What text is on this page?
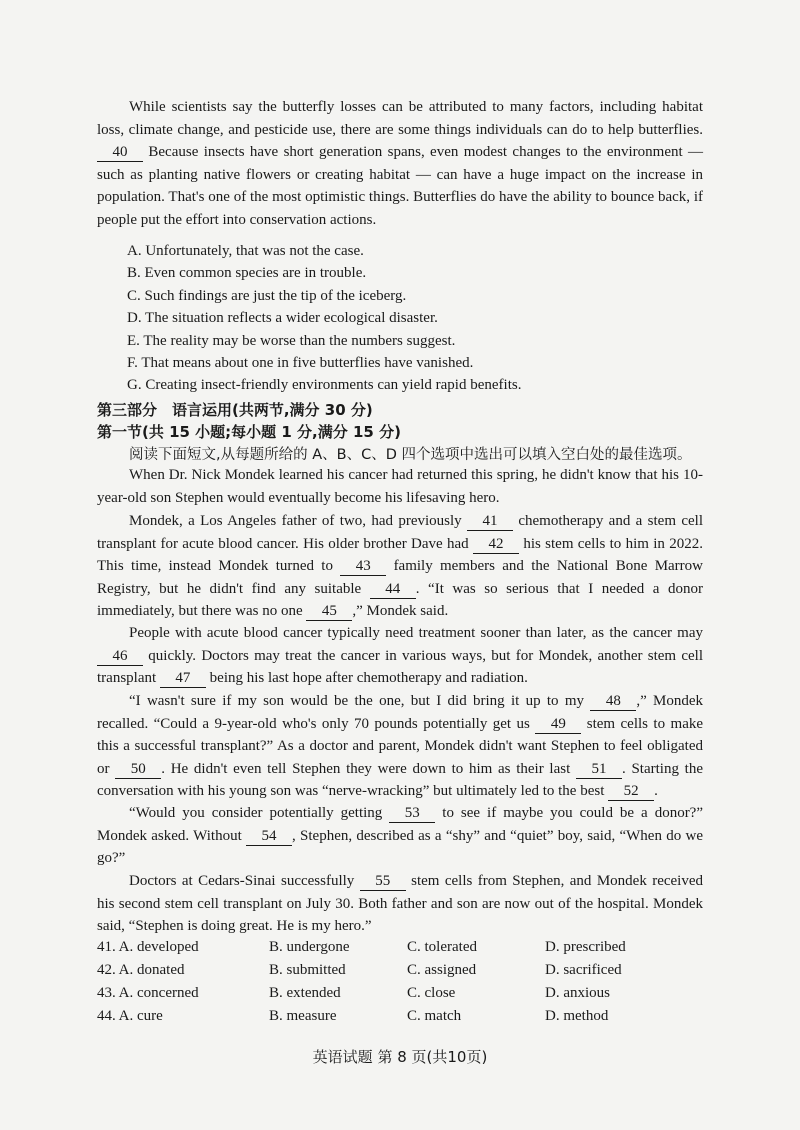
While scientists say the butterfly losses can be attributed to many factors, including habitat loss, climate change, and pesticide use, there are some things individuals can do to help butterflies. 40 Because insects have short generation spans, even modest changes to the environment — such as planting native flowers or creating habitat — can have a huge impact on the increase in population. That's one of the most optimistic things. Butterflies do have the ability to bounce back, if people put the effort into conservation actions.

A. Unfortunately, that was not the case.
B. Even common species are in trouble.
C. Such findings are just the tip of the iceberg.
D. The situation reflects a wider ecological disaster.
E. The reality may be worse than the numbers suggest.
F. That means about one in five butterflies have vanished.
G. Creating insect-friendly environments can yield rapid benefits.
第三部分　语言运用(共两节,满分 30 分)
第一节(共 15 小题;每小题 1 分,满分 15 分)
阅读下面短文,从每题所给的 A、B、C、D 四个选项中选出可以填入空白处的最佳选项。

When Dr. Nick Mondek learned his cancer had returned this spring, he didn't know that his 10-year-old son Stephen would eventually become his lifesaving hero.

Mondek, a Los Angeles father of two, had previously 41 chemotherapy and a stem cell transplant for acute blood cancer. His older brother Dave had 42 his stem cells to him in 2022. This time, instead Mondek turned to 43 family members and the National Bone Marrow Registry, but he didn't find any suitable 44 . “It was so serious that I needed a donor immediately, but there was no one 45 ,” Mondek said.

People with acute blood cancer typically need treatment sooner than later, as the cancer may 46 quickly. Doctors may treat the cancer in various ways, but for Mondek, another stem cell transplant 47 being his last hope after chemotherapy and radiation.

“I wasn't sure if my son would be the one, but I did bring it up to my 48 ,” Mondek recalled. “Could a 9-year-old who's only 70 pounds potentially get us 49 stem cells to make this a successful transplant?” As a doctor and parent, Mondek didn't want Stephen to feel obligated or 50 . He didn't even tell Stephen they were down to him as their last 51 . Starting the conversation with his young son was “nerve-wracking” but ultimately led to the best 52 .

“Would you consider potentially getting 53 to see if maybe you could be a donor?” Mondek asked. Without 54 , Stephen, described as a “shy” and “quiet” boy, said, “When do we go?”

Doctors at Cedars-Sinai successfully 55 stem cells from Stephen, and Mondek received his second stem cell transplant on July 30. Both father and son are now out of the hospital. Mondek said, “Stephen is doing great. He is my hero.”

41. A. developed	B. undergone	C. tolerated	D. prescribed
42. A. donated	B. submitted	C. assigned	D. sacrificed
43. A. concerned	B. extended	C. close	D. anxious
44. A. cure	B. measure	C. match	D. method
英语试题 第 8 页(共10页)
